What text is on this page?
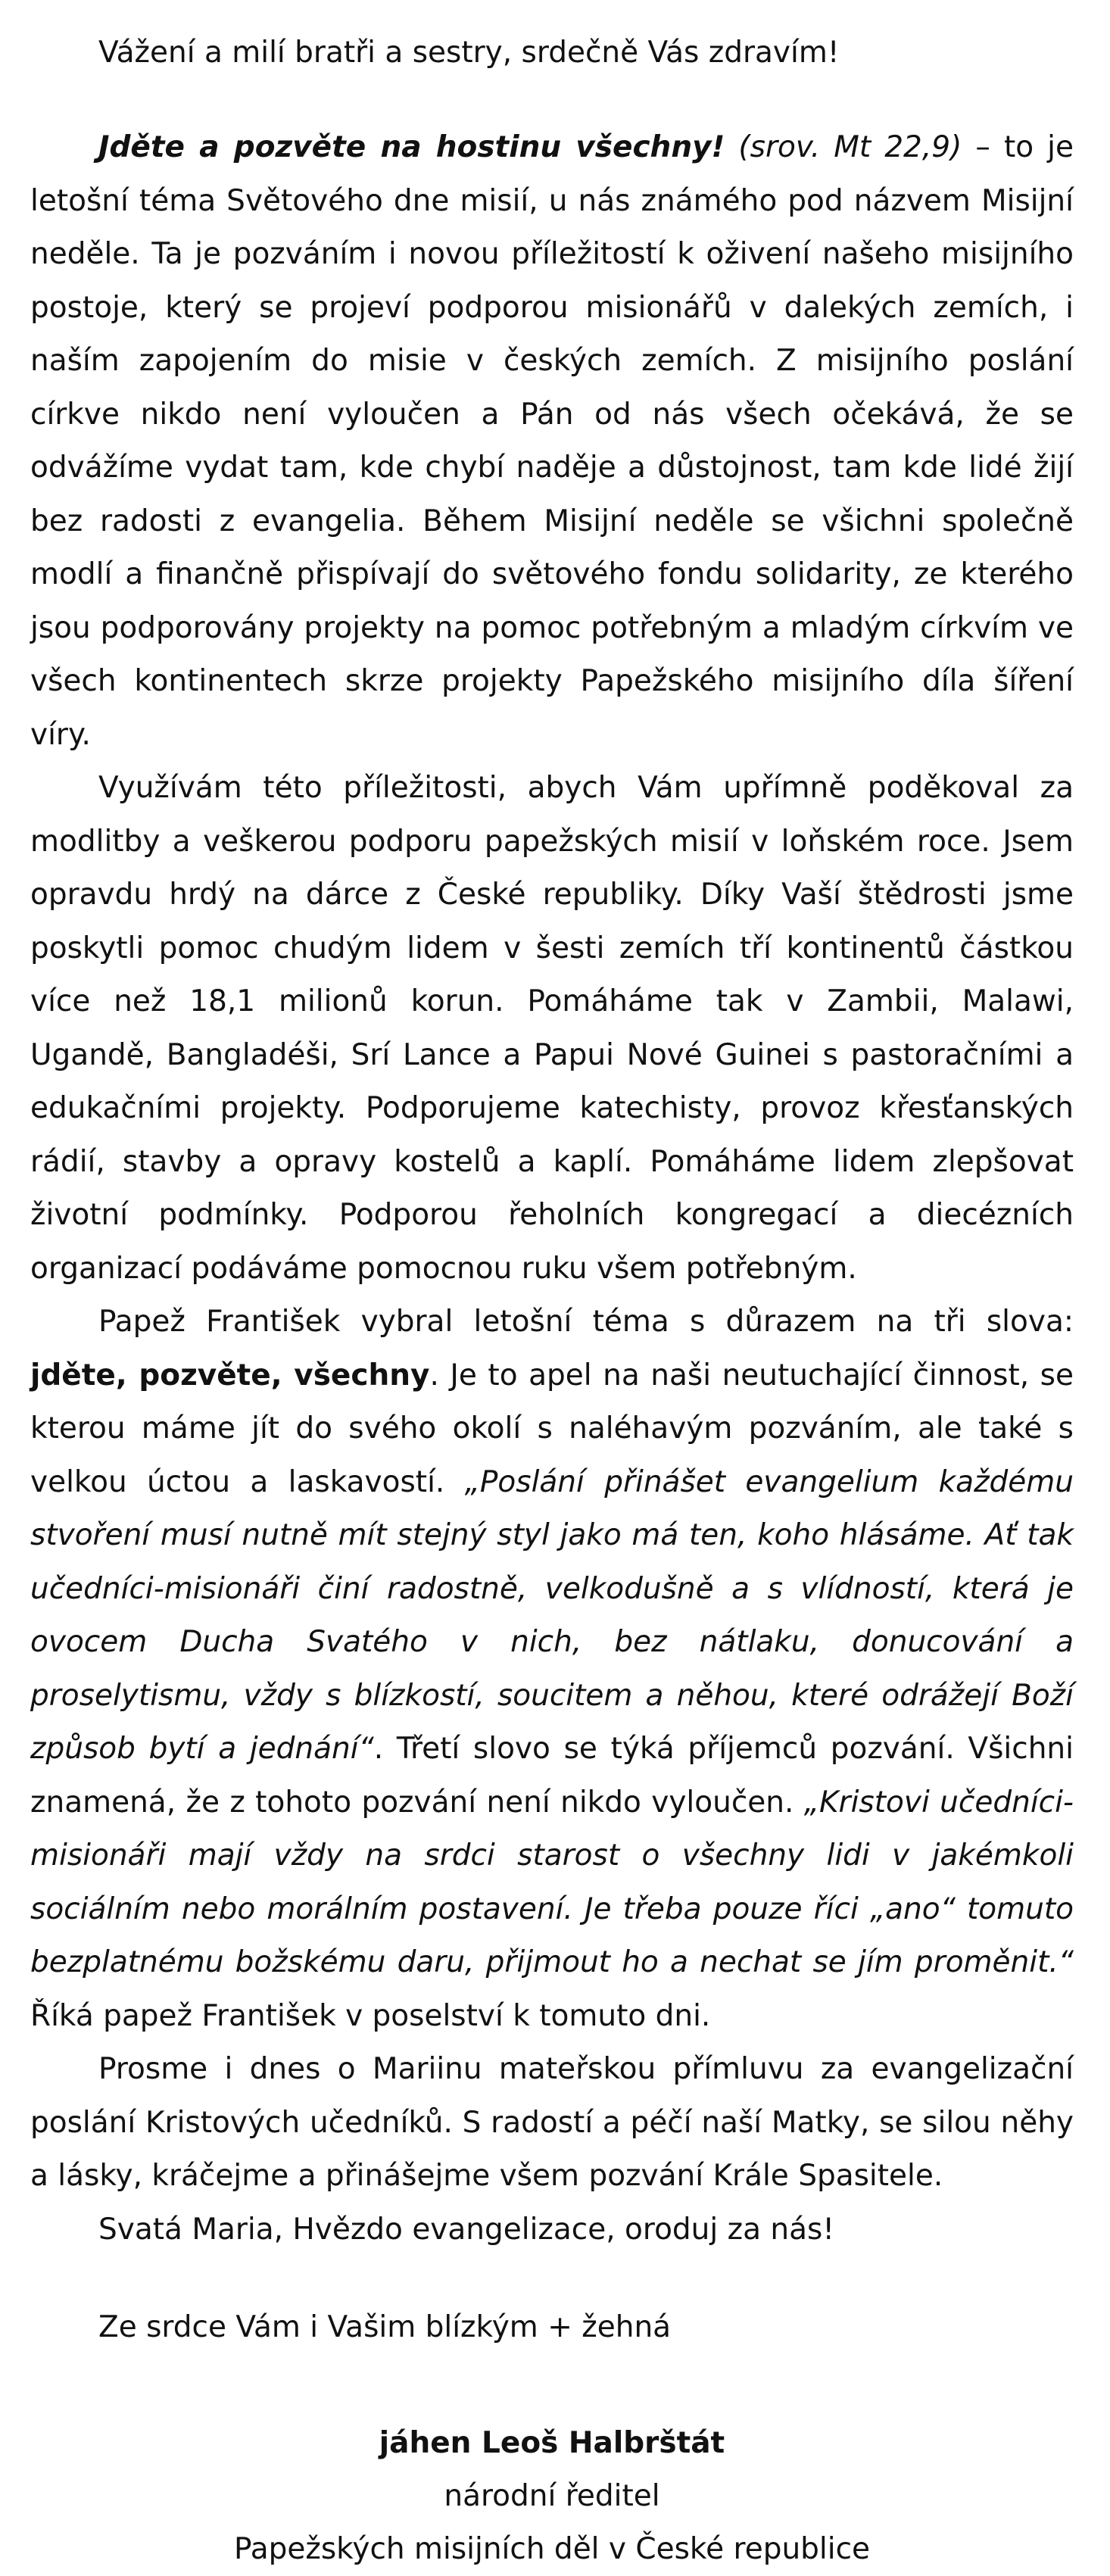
Vážení a milí bratři a sestry, srdečně Vás zdravím!

Jděte a pozvěte na hostinu všechny! (srov. Mt 22,9) – to je letošní téma Světového dne misií, u nás známého pod názvem Misijní neděle. Ta je pozváním i novou příležitostí k oživení našeho misijního postoje, který se projeví podporou misionářů v dalekých zemích, i naším zapojením do misie v českých zemích. Z misijního poslání církve nikdo není vyloučen a Pán od nás všech očekává, že se odvážíme vydat tam, kde chybí naděje a důstojnost, tam kde lidé žijí bez radosti z evangelia. Během Misijní neděle se všichni společně modlí a finančně přispívají do světového fondu solidarity, ze kterého jsou podporovány projekty na pomoc potřebným a mladým církvím ve všech kontinentech skrze projekty Papežského misijního díla šíření víry.

Využívám této příležitosti, abych Vám upřímně poděkoval za modlitby a veškerou podporu papežských misií v loňském roce. Jsem opravdu hrdý na dárce z České republiky. Díky Vaší štědrosti jsme poskytli pomoc chudým lidem v šesti zemích tří kontinentů částkou více než 18,1 milionů korun. Pomáháme tak v Zambii, Malawi, Ugandě, Bangladéši, Srí Lance a Papui Nové Guinei s pastoračními a edukačními projekty. Podporujeme katechisty, provoz křesťanských rádií, stavby a opravy kostelů a kaplí. Pomáháme lidem zlepšovat životní podmínky. Podporou řeholních kongregací a diecézních organizací podáváme pomocnou ruku všem potřebným.

Papež František vybral letošní téma s důrazem na tři slova: jděte, pozvěte, všechny. Je to apel na naši neutuchající činnost, se kterou máme jít do svého okolí s naléhavým pozváním, ale také s velkou úctou a laskavostí. „Poslání přinášet evangelium každému stvoření musí nutně mít stejný styl jako má ten, koho hlásáme. Ať tak učedníci-misionáři činí radostně, velkodušně a s vlídností, která je ovocem Ducha Svatého v nich, bez nátlaku, donucování a proselytismu, vždy s blízkostí, soucitem a něhou, které odrážejí Boží způsob bytí a jednání“. Třetí slovo se týká příjemců pozvání. Všichni znamená, že z tohoto pozvání není nikdo vyloučen. „Kristovi učedníci-misionáři mají vždy na srdci starost o všechny lidi v jakémkoli sociálním nebo morálním postavení. Je třeba pouze říci „ano“ tomuto bezplatnému božskému daru, přijmout ho a nechat se jím proměnit.“ Říká papež František v poselství k tomuto dni.

Prosme i dnes o Mariinu mateřskou přímluvu za evangelizační poslání Kristových učedníků. S radostí a péčí naší Matky, se silou něhy a lásky, kráčejme a přinášejme všem pozvání Krále Spasitele.

Svatá Maria, Hvězdo evangelizace, oroduj za nás!

Ze srdce Vám i Vašim blízkým + žehná

jáhen Leoš Halbrštát
národní ředitel
Papežských misijních děl v České republice
